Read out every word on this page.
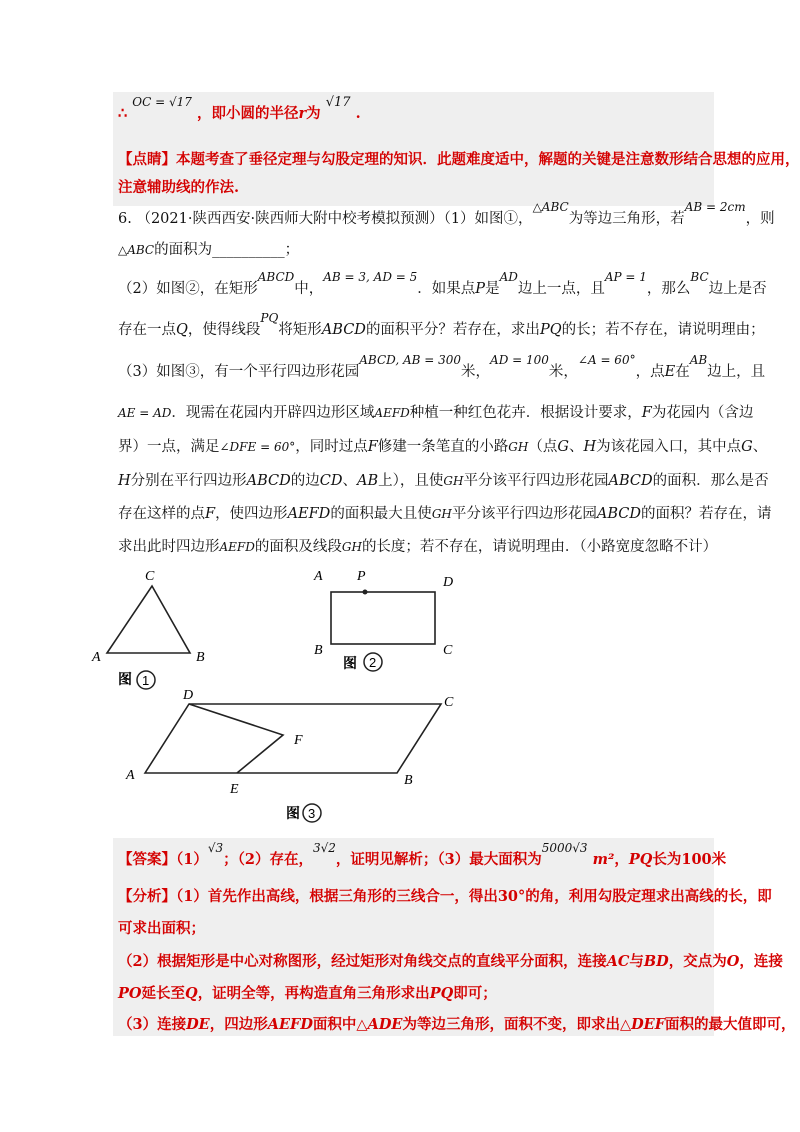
∴ $^{OC = √17}$ ，即小圆的半径r为 √17 .
【点睛】本题考查了垂径定理与勾股定理的知识．此题难度适中，解题的关键是注意数形结合思想的应用，
注意辅助线的作法.
6. （2021·陕西西安·陕西师大附中校考模拟预测）（1）如图①，$^{\triangle ABC}$为等边三角形，若$^{AB = 2cm}$，则
△ABC的面积为__________；
（2）如图②，在矩形$^{ABCD}$中，$^{AB = 3, AD = 5}$．如果点P是$^{AD}$边上一点，且$^{AP = 1}$，那么$^{BC}$边上是否
存在一点Q，使得线段$^{PQ}$将矩形ABCD的面积平分？若存在，求出PQ的长；若不存在，请说明理由；
（3）如图③，有一个平行四边形花园$^{ABCD, AB = 300}$米，$^{AD = 100}$米，$^{\angle A = 60^\circ}$，点E在$^{AB}$边上，且
AE = AD．现需在花园内开辟四边形区域AEFD种植一种红色花卉．根据设计要求，F为花园内（含边
界）一点，满足∠DFE = 60°，同时过点F修建一条笔直的小路GH（点G、H为该花园入口，其中点G、
H分别在平行四边形ABCD的边CD、AB上），且使GH平分该平行四边形花园ABCD的面积．那么是否
存在这样的点F，使四边形AEFD的面积最大且使GH平分该平行四边形花园ABCD的面积？若存在，请
求出此时四边形AEFD的面积及线段GH的长度；若不存在，请说明理由．（小路宽度忽略不计）
C
A	B
图 1
A P	D
B	C
图 2
D	C
F
A
E
B
图 3
【答案】$(1)^{√3}$；（2）存在，$^{3√2}$，证明见解析；（3）最大面积为$^{5000√3}$ m²，PQ长为100米
【分析】（1）首先作出高线，根据三角形的三线合一，得出30°的角，利用勾股定理求出高线的长，即
可求出面积；
（2）根据矩形是中心对称图形，经过矩形对角线交点的直线平分面积，连接AC与BD，交点为O，连接
PO延长至Q，证明全等，再构造直角三角形求出PQ即可；
（3）连接DE，四边形AEFD面积中△ADE为等边三角形，面积不变，即求出△DEF面积的最大值即可，
